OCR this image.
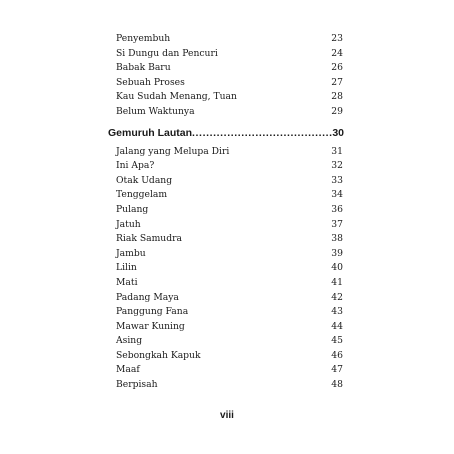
Penyembuh	23
Si Dungu dan Pencuri	24
Babak Baru	26
Sebuah Proses	27
Kau Sudah Menang, Tuan	28
Belum Waktunya	29
Gemuruh Lautan .....	30
Jalang yang Melupa Diri	31
Ini Apa?	32
Otak Udang	33
Tenggelam	34
Pulang	36
Jatuh	37
Riak Samudra	38
Jambu	39
Lilin	40
Mati	41
Padang Maya	42
Panggung Fana	43
Mawar Kuning	44
Asing	45
Sebongkah Kapuk	46
Maaf	47
Berpisah	48
viii
